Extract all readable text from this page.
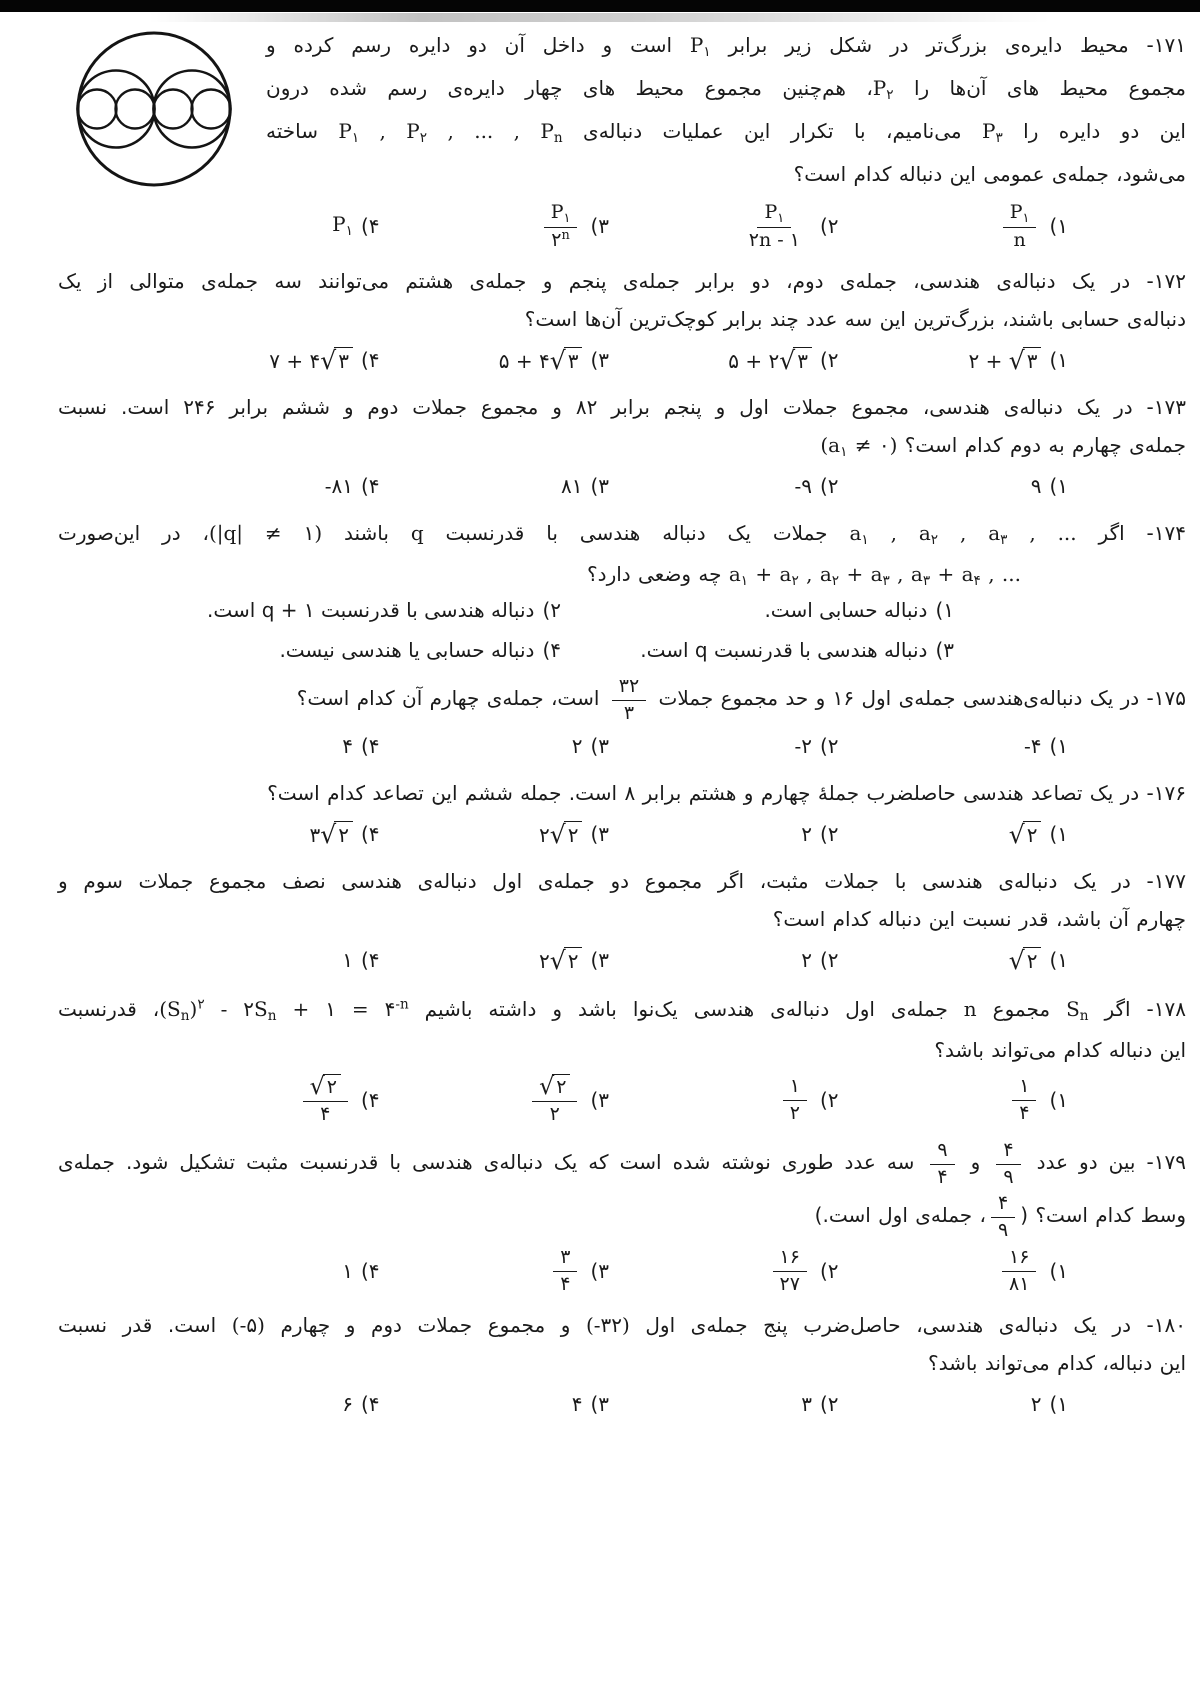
۱۷۱- محیط دایره‌ی بزرگ‌تر در شکل زیر برابر $P_۱$ است و داخل آن دو دایره رسم کرده و
مجموع محیط های آن‌ها را $P_۲،$ هم‌چنین مجموع محیط های چهار دایره‌ی رسم شده درون
این دو دایره را $P_۳$ می‌نامیم، با تکرار این عملیات دنباله‌ی $P_۱$ , $P_۲$ , ... , $P_n$ ساخته
می‌شود، جمله‌ی عمومی این دنباله کدام است؟
۱)
$\frac{P_۱}{n}$
۲)
$\frac{P_۱}{۲n - ۱}$
۳)
$\frac{P_۱}{۲^n}$
۴)
$P_۱$
۱۷۲- در یک دنباله‌ی هندسی، جمله‌ی دوم، دو برابر جمله‌ی پنجم و جمله‌ی هشتم می‌توانند سه جمله‌ی متوالی از یک
دنباله‌ی حسابی باشند، بزرگ‌ترین این سه عدد چند برابر کوچک‌ترین آن‌ها است؟
۱)
۲ + √ ۳
۲)
۵ + ۲ √ ۳
۳)
۵ + ۴ √ ۳
۴)
۷ + ۴ √ ۳
۱۷۳- در یک دنباله‌ی هندسی، مجموع جملات اول و پنجم برابر ۸۲ و مجموع جملات دوم و ششم برابر ۲۴۶ است. نسبت
جمله‌ی چهارم به دوم کدام است؟ ($a_۱$ ≠ ۰)
۱)
۹
۲)
-۹
۳)
۸۱
۴)
-۸۱
۱۷۴- اگر $a_۱$ , $a_۲$ , $a_۳$ , ... جملات یک دنباله هندسی با قدرنسبت q باشند (|q| ≠ ۱)، در این‌صورت
$a_۱ + a_۲$ , $a_۲ + a_۳$ , $a_۳ + a_۴$ , ... چه وضعی دارد؟
۱)
دنباله حسابی است.
۲)
دنباله هندسی با قدرنسبت q + ۱ است.
۳)
دنباله هندسی با قدرنسبت q است.
۴)
دنباله حسابی یا هندسی نیست.
۱۷۵- در یک دنباله‌ی‌هندسی جمله‌ی اول ۱۶ و حد مجموع جملات
$\frac{۳۲}{۳}$
است، جمله‌ی چهارم آن کدام است؟
۱)
-۴
۲)
-۲
۳)
۲
۴)
۴
۱۷۶- در یک تصاعد هندسی حاصلضرب جملهٔ چهارم و هشتم برابر ۸ است. جمله ششم این تصاعد کدام است؟
۱)
√ ۲
۲)
۲
۳)
۲ √ ۲
۴)
۳ √ ۲
۱۷۷- در یک دنباله‌ی هندسی با جملات مثبت، اگر مجموع دو جمله‌ی اول دنباله‌ی هندسی نصف مجموع جملات سوم و
چهارم آن باشد، قدر نسبت این دنباله کدام است؟
۱)
√ ۲
۲)
۲
۳)
۲ √ ۲
۴)
۱
۱۷۸- اگر $S_n$ مجموع n جمله‌ی اول دنباله‌ی هندسی یک‌نوا باشد و داشته باشیم $(S_n)^۲$ - $۲S_n$ + ۱ = $۴^{-n}،$ قدرنسبت
این دنباله کدام می‌تواند باشد؟
۱)
$\frac{۱}{۴}$
۲)
$\frac{۱}{۲}$
۳)
$\frac{√ ۲}{۲}$
۴)
$\frac{√ ۲}{۴}$
۱۷۹- بین دو عدد
$\frac{۴}{۹}$
و
$\frac{۹}{۴}$
سه عدد طوری نوشته شده است که یک دنباله‌ی هندسی با قدرنسبت مثبت تشکیل شود. جمله‌ی
وسط کدام است؟ (
$\frac{۴}{۹}$
، جمله‌ی اول است.)
۱)
$\frac{۱۶}{۸۱}$
۲)
$\frac{۱۶}{۲۷}$
۳)
$\frac{۳}{۴}$
۴)
۱
۱۸۰- در یک دنباله‌ی هندسی، حاصل‌ضرب پنج جمله‌ی اول (-۳۲) و مجموع جملات دوم و چهارم (-۵) است. قدر نسبت
این دنباله، کدام می‌تواند باشد؟
۱)
۲
۲)
۳
۳)
۴
۴)
۶
